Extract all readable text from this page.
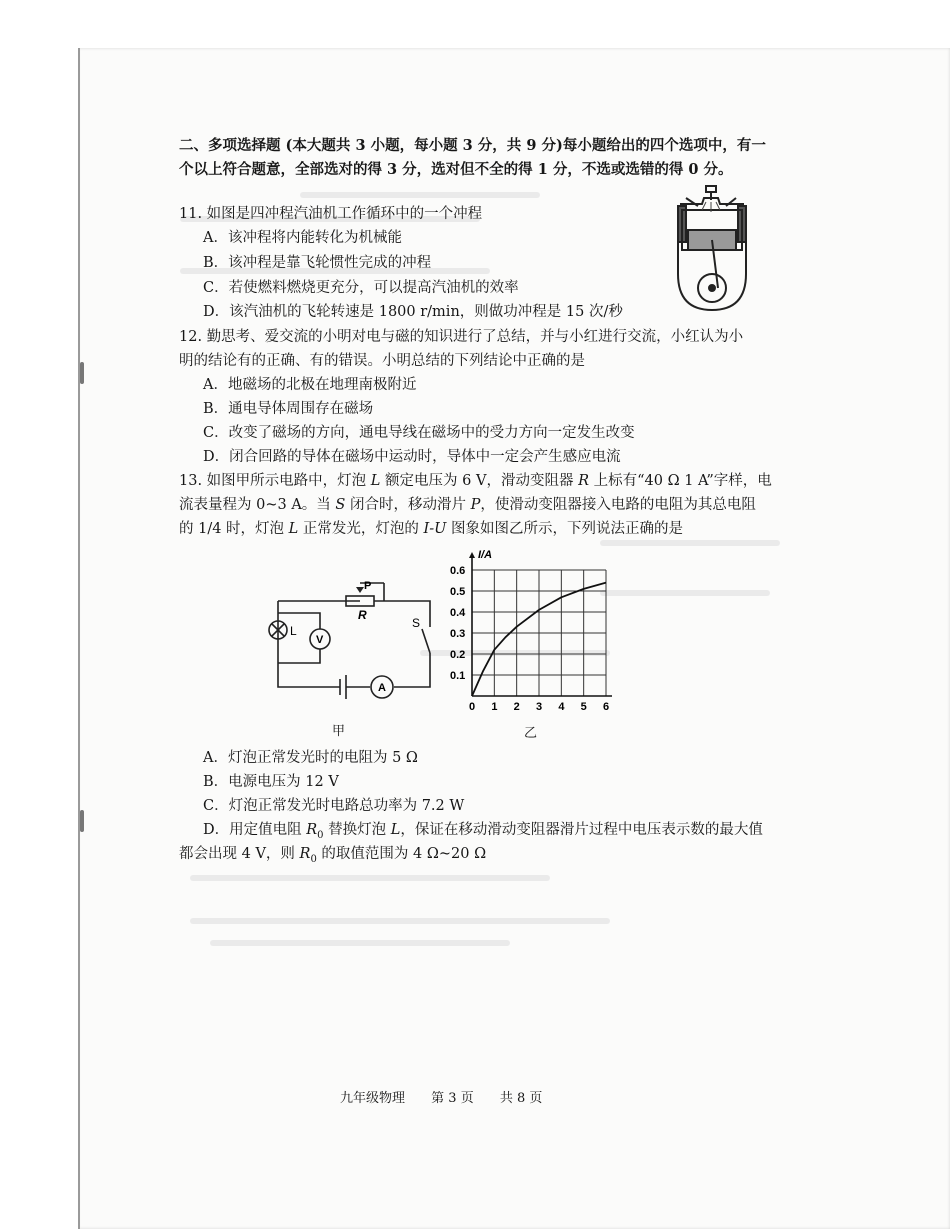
二、多项选择题 (本大题共 3 小题，每小题 3 分，共 9 分)每小题给出的四个选项中，有一
个以上符合题意，全部选对的得 3 分，选对但不全的得 1 分，不选或选错的得 0 分。
11. 如图是四冲程汽油机工作循环中的一个冲程
A．该冲程将内能转化为机械能
B．该冲程是靠飞轮惯性完成的冲程
C．若使燃料燃烧更充分，可以提高汽油机的效率
D．该汽油机的飞轮转速是 1800 r/min，则做功冲程是 15 次/秒
12. 勤思考、爱交流的小明对电与磁的知识进行了总结，并与小红进行交流，小红认为小
明的结论有的正确、有的错误。小明总结的下列结论中正确的是
A．地磁场的北极在地理南极附近
B．通电导体周围存在磁场
C．改变了磁场的方向，通电导线在磁场中的受力方向一定发生改变
D．闭合回路的导体在磁场中运动时，导体中一定会产生感应电流
13. 如图甲所示电路中，灯泡 L 额定电压为 6 V，滑动变阻器 R 上标有“40 Ω 1 A”字样，电
流表量程为 0~3 A。当 S 闭合时，移动滑片 P，使滑动变阻器接入电路的电阻为其总电阻
的 1/4 时，灯泡 L 正常发光，灯泡的 I-U 图象如图乙所示，下列说法正确的是
P
R
L
V
S
A
甲
0 1 2 3 4 5 6
0.1
0.2
0.3
0.4
0.5
0.6
I/A
乙
A．灯泡正常发光时的电阻为 5 Ω
B．电源电压为 12 V
C．灯泡正常发光时电路总功率为 7.2 W
D．用定值电阻 $R_0$ 替换灯泡 L，保证在移动滑动变阻器滑片过程中电压表示数的最大值
都会出现 4 V，则 $R_0$ 的取值范围为 4 Ω~20 Ω
九年级物理 第 3 页 共 8 页
